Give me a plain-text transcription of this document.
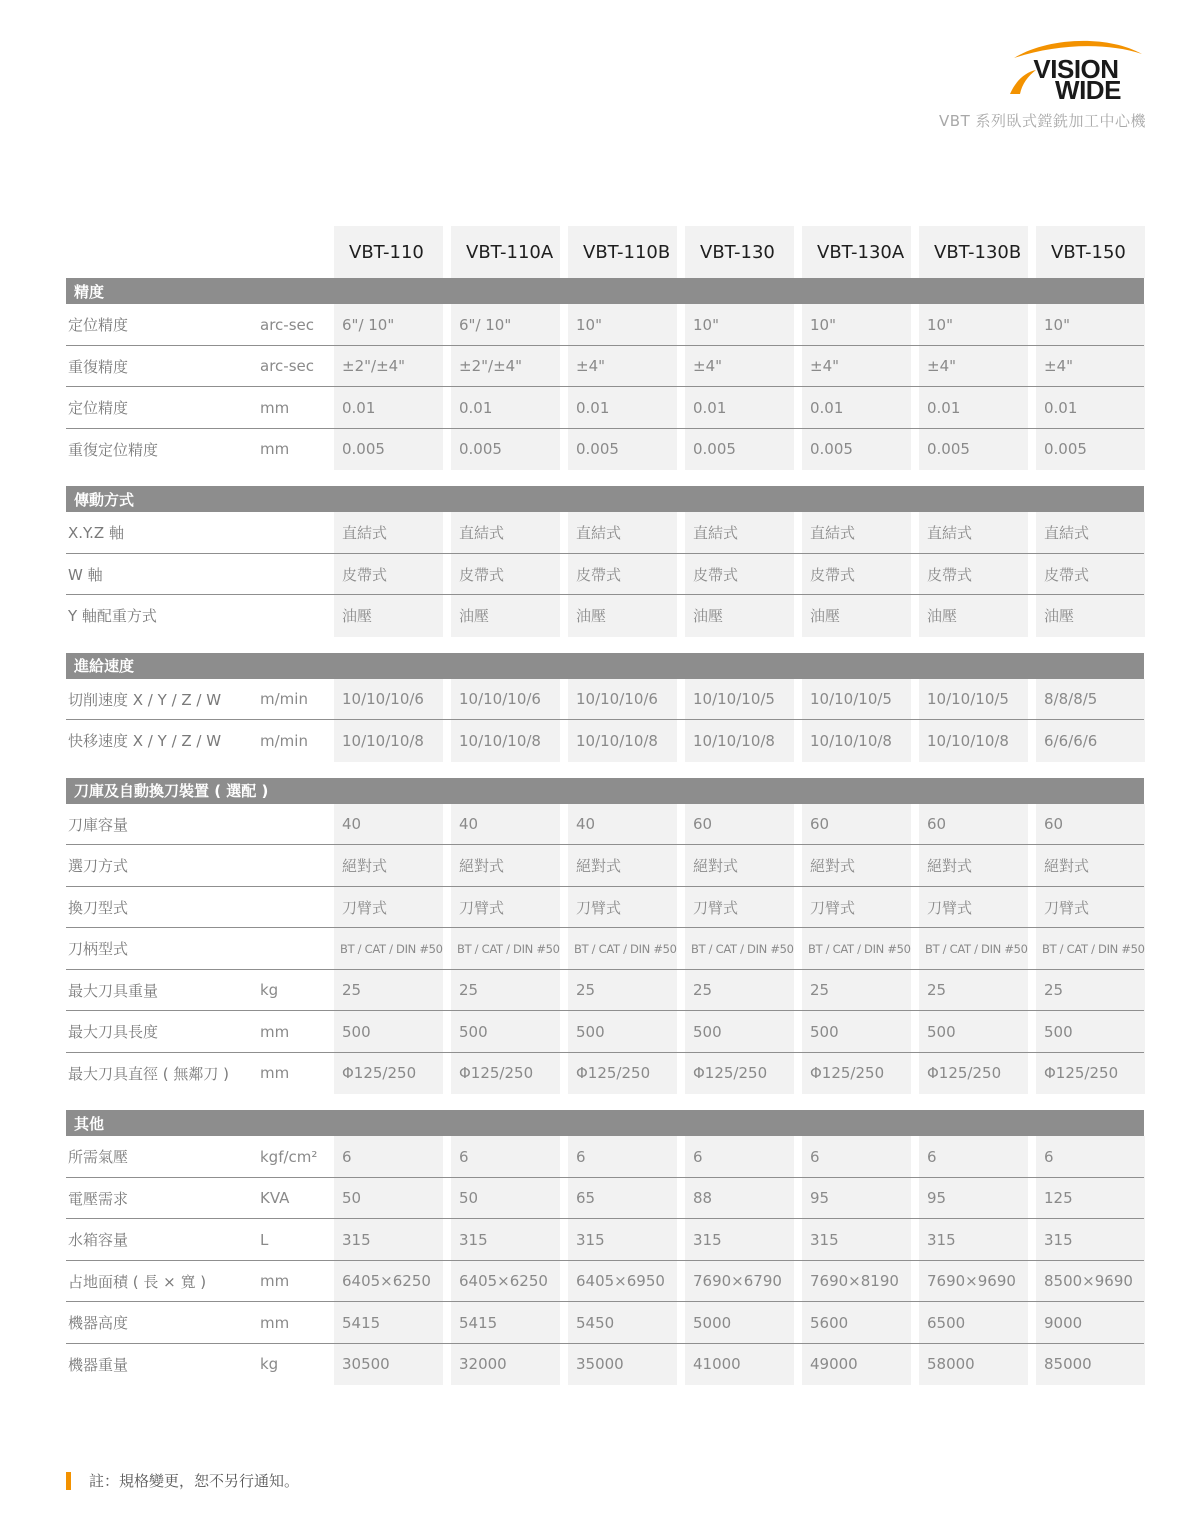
VISION
WIDE
VBT 系列臥式鏜銑加工中心機
VBT-110	VBT-110A	VBT-110B	VBT-130	VBT-130A	VBT-130B	VBT-150
精度
定位精度	arc-sec	6"/ 10"	6"/ 10"	10"	10"	10"	10"	10"
重復精度	arc-sec	±2"/±4"	±2"/±4"	±4"	±4"	±4"	±4"	±4"
定位精度	mm	0.01	0.01	0.01	0.01	0.01	0.01	0.01
重復定位精度	mm	0.005	0.005	0.005	0.005	0.005	0.005	0.005
傳動方式
X.Y.Z 軸	直結式	直結式	直結式	直結式	直結式	直結式	直結式
W 軸	皮帶式	皮帶式	皮帶式	皮帶式	皮帶式	皮帶式	皮帶式
Y 軸配重方式	油壓	油壓	油壓	油壓	油壓	油壓	油壓
進給速度
切削速度 X / Y / Z / W	m/min	10/10/10/6	10/10/10/6	10/10/10/6	10/10/10/5	10/10/10/5	10/10/10/5	8/8/8/5
快移速度 X / Y / Z / W	m/min	10/10/10/8	10/10/10/8	10/10/10/8	10/10/10/8	10/10/10/8	10/10/10/8	6/6/6/6
刀庫及自動換刀裝置 ( 選配 )
刀庫容量	40	40	40	60	60	60	60
選刀方式	絕對式	絕對式	絕對式	絕對式	絕對式	絕對式	絕對式
換刀型式	刀臂式	刀臂式	刀臂式	刀臂式	刀臂式	刀臂式	刀臂式
刀柄型式	BT / CAT / DIN #50	BT / CAT / DIN #50	BT / CAT / DIN #50	BT / CAT / DIN #50	BT / CAT / DIN #50	BT / CAT / DIN #50	BT / CAT / DIN #50
最大刀具重量	kg	25	25	25	25	25	25	25
最大刀具長度	mm	500	500	500	500	500	500	500
最大刀具直徑 ( 無鄰刀 )	mm	Φ125/250	Φ125/250	Φ125/250	Φ125/250	Φ125/250	Φ125/250	Φ125/250
其他
所需氣壓	kgf/cm²	6	6	6	6	6	6	6
電壓需求	KVA	50	50	65	88	95	95	125
水箱容量	L	315	315	315	315	315	315	315
占地面積 ( 長 × 寬 )	mm	6405×6250	6405×6250	6405×6950	7690×6790	7690×8190	7690×9690	8500×9690
機器高度	mm	5415	5415	5450	5000	5600	6500	9000
機器重量	kg	30500	32000	35000	41000	49000	58000	85000
註：規格變更，恕不另行通知。
